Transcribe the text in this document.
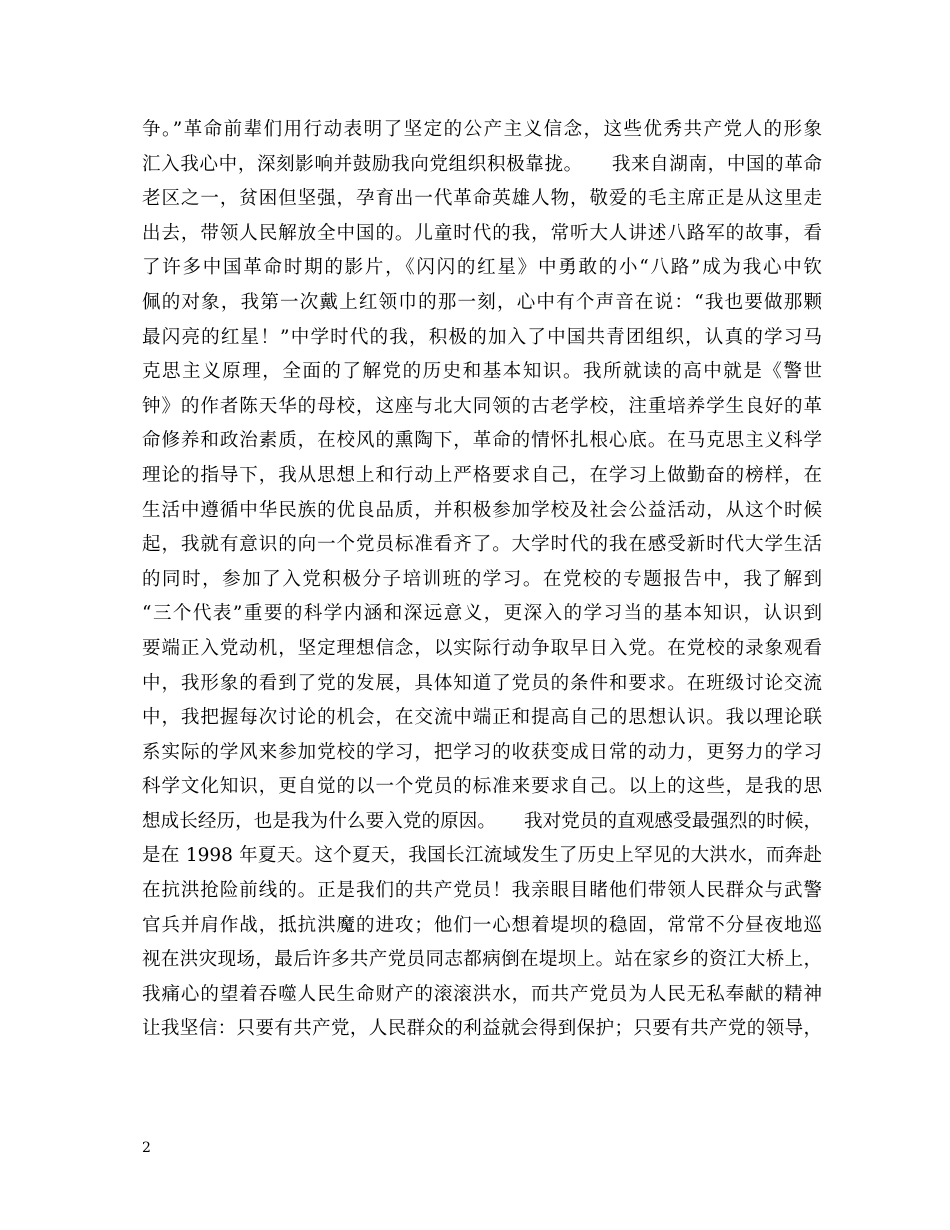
争。”革命前辈们用行动表明了坚定的公产主义信念，这些优秀共产党人的形象
汇入我心中，深刻影响并鼓励我向党组织积极靠拢。　　我来自湖南，中国的革命
老区之一，贫困但坚强，孕育出一代革命英雄人物，敬爱的毛主席正是从这里走
出去，带领人民解放全中国的。儿童时代的我，常听大人讲述八路军的故事，看
了许多中国革命时期的影片，《闪闪的红星》中勇敢的小“八路”成为我心中钦
佩的对象，我第一次戴上红领巾的那一刻，心中有个声音在说：“我也要做那颗
最闪亮的红星！”中学时代的我，积极的加入了中国共青团组织，认真的学习马
克思主义原理，全面的了解党的历史和基本知识。我所就读的高中就是《警世
钟》的作者陈天华的母校，这座与北大同领的古老学校，注重培养学生良好的革
命修养和政治素质，在校风的熏陶下，革命的情怀扎根心底。在马克思主义科学
理论的指导下，我从思想上和行动上严格要求自己，在学习上做勤奋的榜样，在
生活中遵循中华民族的优良品质，并积极参加学校及社会公益活动，从这个时候
起，我就有意识的向一个党员标准看齐了。大学时代的我在感受新时代大学生活
的同时，参加了入党积极分子培训班的学习。在党校的专题报告中，我了解到
“三个代表”重要的科学内涵和深远意义，更深入的学习当的基本知识，认识到
要端正入党动机，坚定理想信念，以实际行动争取早日入党。在党校的录象观看
中，我形象的看到了党的发展，具体知道了党员的条件和要求。在班级讨论交流
中，我把握每次讨论的机会，在交流中端正和提高自己的思想认识。我以理论联
系实际的学风来参加党校的学习，把学习的收获变成日常的动力，更努力的学习
科学文化知识，更自觉的以一个党员的标准来要求自己。以上的这些，是我的思
想成长经历，也是我为什么要入党的原因。　　我对党员的直观感受最强烈的时候，
是在 1998 年夏天。这个夏天，我国长江流域发生了历史上罕见的大洪水，而奔赴
在抗洪抢险前线的。正是我们的共产党员！我亲眼目睹他们带领人民群众与武警
官兵并肩作战，抵抗洪魔的进攻；他们一心想着堤坝的稳固，常常不分昼夜地巡
视在洪灾现场，最后许多共产党员同志都病倒在堤坝上。站在家乡的资江大桥上，
我痛心的望着吞噬人民生命财产的滚滚洪水，而共产党员为人民无私奉献的精神
让我坚信：只要有共产党，人民群众的利益就会得到保护；只要有共产党的领导，
2
